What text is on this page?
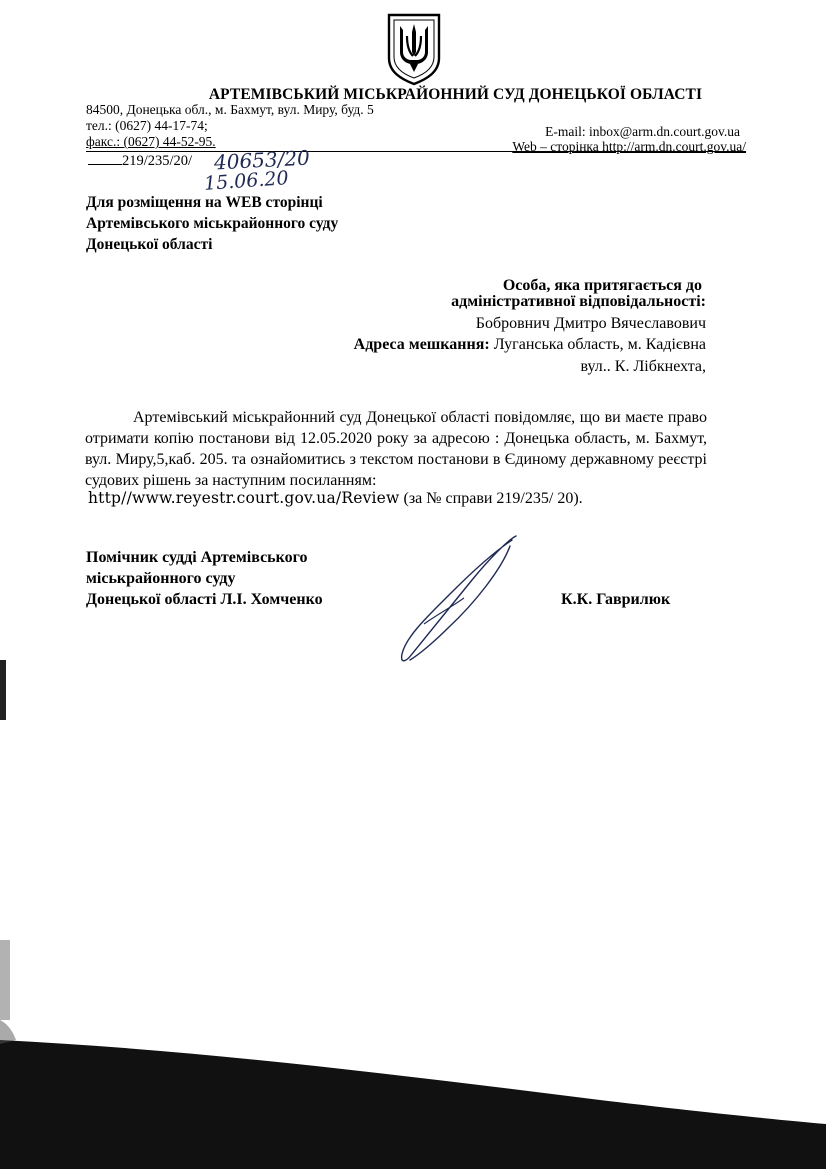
АРТЕМІВСЬКИЙ МІСЬКРАЙОННИЙ СУД ДОНЕЦЬКОЇ ОБЛАСТІ
84500, Донецька обл., м. Бахмут, вул. Миру, буд. 5
тел.: (0627) 44-17-74;
факс.: (0627) 44-52-95.
E-mail: inbox@arm.dn.court.gov.ua
Web – сторінка http://arm.dn.court.gov.ua/
219/235/20/ 40653/20
15.06.20
Для розміщення на WEB сторінці
Артемівського міськрайонного суду
Донецької області
Особа, яка притягається до
адміністративної відповідальності:
Бобровнич Дмитро Вячеславович
Адреса мешкання: Луганська область, м. Кадієвна
вул.. К. Лібкнехта,

Артемівський міськрайонний суд Донецької області повідомляє, що ви маєте право отримати копію постанови від 12.05.2020 року за адресою : Донецька область, м. Бахмут, вул. Миру,5,каб. 205. та ознайомитись з текстом постанови в Єдиному державному реєстрі судових рішень за наступним посиланням:

http//www.reyestr.court.gov.ua/Review (за № справи 219/235/ 20).
Помічник судді Артемівського
міськрайонного суду
Донецької області Л.І. Хомченко	К.К. Гаврилюк
